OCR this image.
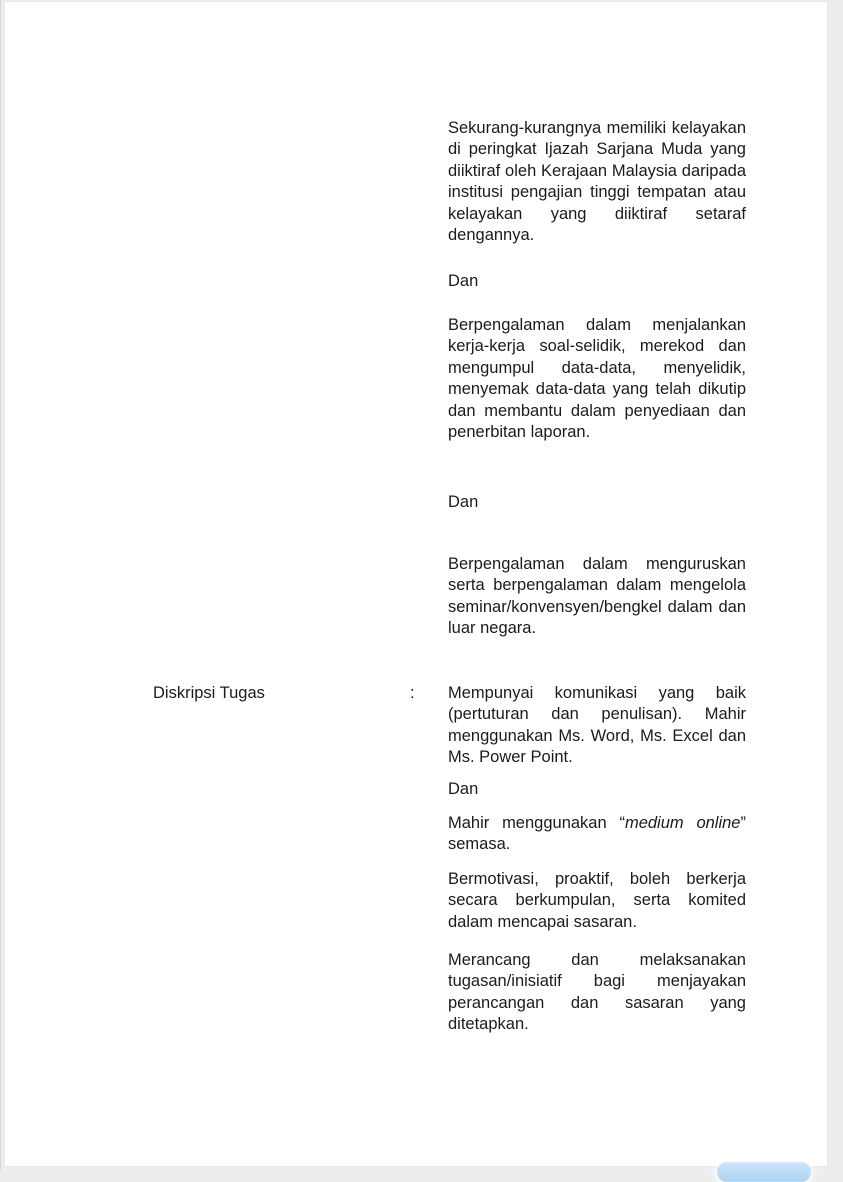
Sekurang-kurangnya memiliki kelayakan di peringkat Ijazah Sarjana Muda yang diiktiraf oleh Kerajaan Malaysia daripada institusi pengajian tinggi tempatan atau kelayakan yang diiktiraf setaraf dengannya.

Dan

Berpengalaman dalam menjalankan kerja-kerja soal-selidik, merekod dan mengumpul data-data, menyelidik, menyemak data-data yang telah dikutip dan membantu dalam penyediaan dan penerbitan laporan.

Dan

Berpengalaman dalam menguruskan serta berpengalaman dalam mengelola seminar/konvensyen/bengkel dalam dan luar negara.

Diskripsi Tugas	: Mempunyai komunikasi yang baik (pertuturan dan penulisan). Mahir menggunakan Ms. Word, Ms. Excel dan Ms. Power Point.

Dan

Mahir menggunakan “medium online” semasa.

Bermotivasi, proaktif, boleh berkerja secara berkumpulan, serta komited dalam mencapai sasaran.

Merancang dan melaksanakan tugasan/inisiatif bagi menjayakan perancangan dan sasaran yang ditetapkan.
